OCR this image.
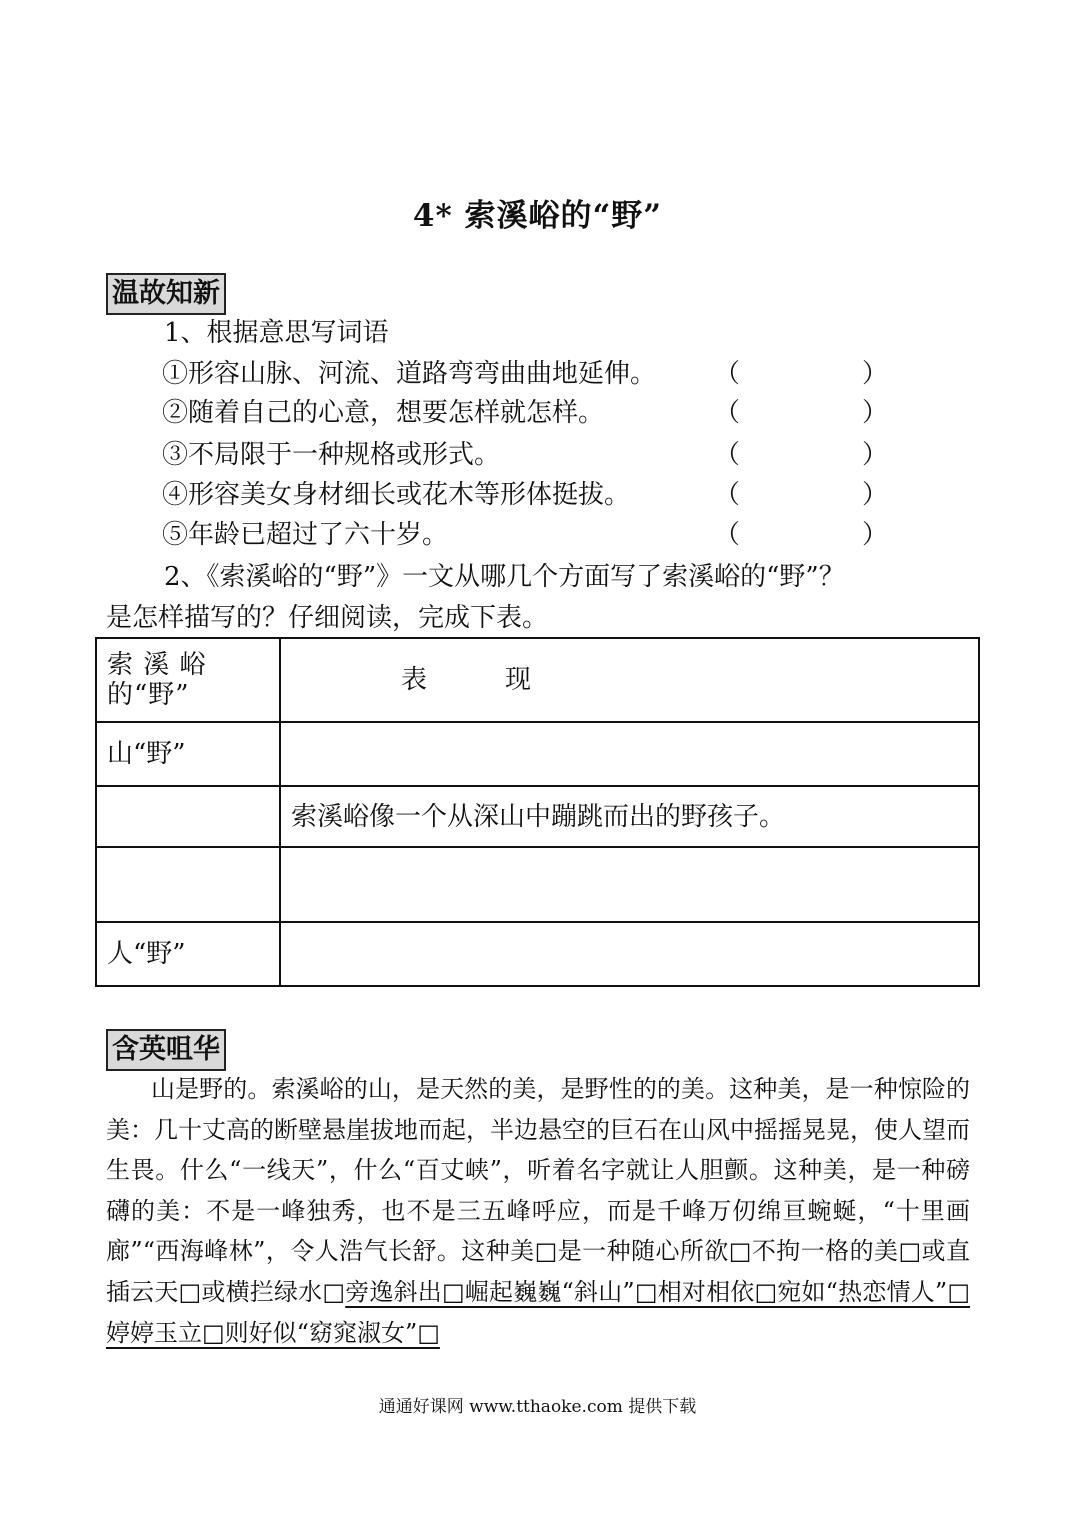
4* 索溪峪的“野”
温故知新
1、根据意思写词语
①形容山脉、河流、道路弯弯曲曲地延伸。 （	）
②随着自己的心意，想要怎样就怎样。	（	）
③不局限于一种规格或形式。	（	）
④形容美女身材细长或花木等形体挺拔。	（	）
⑤年龄已超过了六十岁。	（	）
2、《索溪峪的“野”》一文从哪几个方面写了索溪峪的“野”？
是怎样描写的？仔细阅读，完成下表。
索 溪 峪 的“野”	表　　　现
山“野”	
	索溪峪像一个从深山中蹦跳而出的野孩子。

人“野”	
含英咀华
山是野的。索溪峪的山，是天然的美，是野性的的美。这种美，是一种惊险的美：几十丈高的断壁悬崖拔地而起，半边悬空的巨石在山风中摇摇晃晃，使人望而生畏。什么“一线天”，什么“百丈峡”，听着名字就让人胆颤。这种美，是一种磅礴的美：不是一峰独秀，也不是三五峰呼应，而是千峰万仞绵亘蜿蜒，“十里画廊”“西海峰林”，令人浩气长舒。这种美□是一种随心所欲□不拘一格的美□或直插云天□或横拦绿水□旁逸斜出□崛起巍巍“斜山”□相对相依□宛如“热恋情人”□婷婷玉立□则好似“窈窕淑女”□
通通好课网 www.tthaoke.com 提供下载
